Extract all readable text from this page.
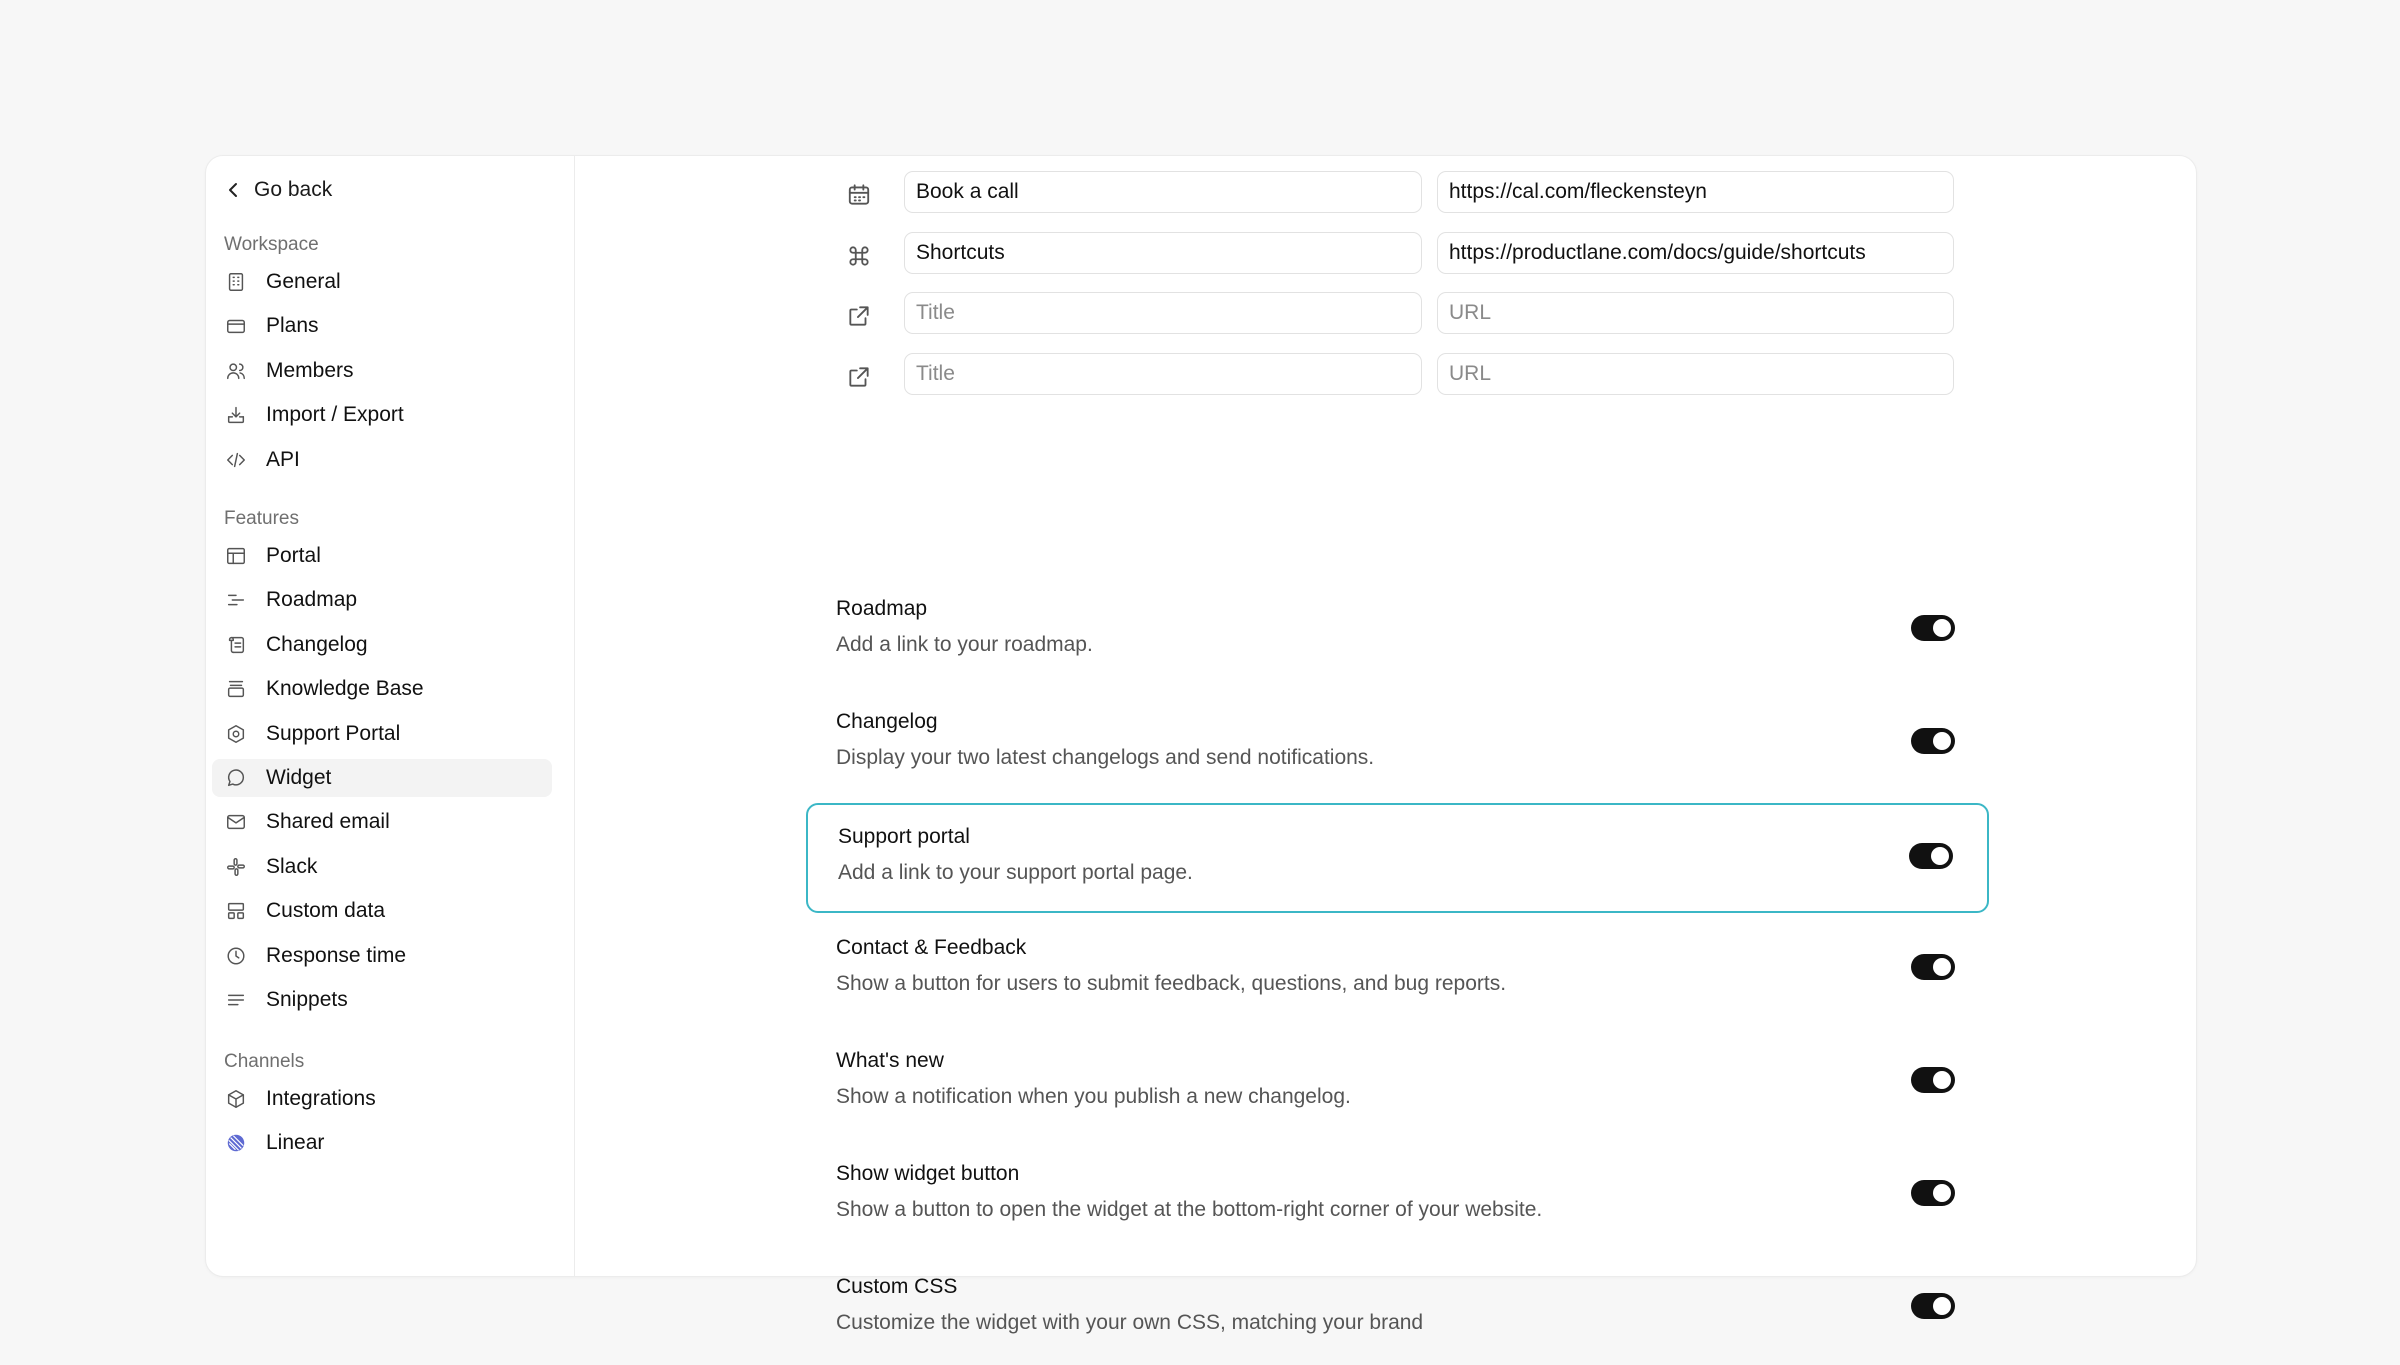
Go back
Workspace
General
Plans
Members
Import / Export
API
Features
Portal
Roadmap
Changelog
Knowledge Base
Support Portal
Widget
Shared email
Slack
Custom data
Response time
Snippets
Channels
Integrations
Linear
Book a call
https://cal.com/fleckensteyn
Shortcuts
https://productlane.com/docs/guide/shortcuts
Title
URL
Title
URL
Roadmap
Add a link to your roadmap.
Changelog
Display your two latest changelogs and send notifications.
Support portal
Add a link to your support portal page.
Contact & Feedback
Show a button for users to submit feedback, questions, and bug reports.
What's new
Show a notification when you publish a new changelog.
Show widget button
Show a button to open the widget at the bottom-right corner of your website.
Custom CSS
Customize the widget with your own CSS, matching your brand
